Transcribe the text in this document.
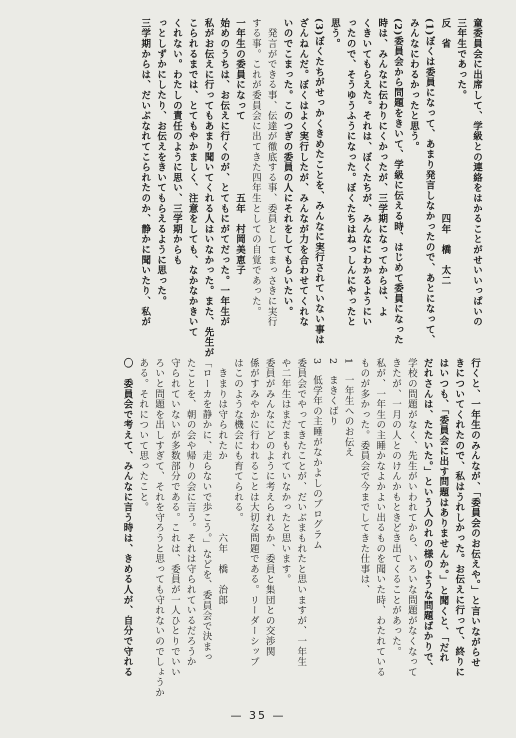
童委員会に出席して、学級との連絡をはかることがせいいっぱいの
三年生であった。
反　省　　　　　　　　　　　　　　　　四年　橋　太二
(1)ぼくは委員になって、あまり発言しなかったので、あとになって、
みんなにわるかったと思う。
(2)委員会から問題をきいて、学級に伝える時、はじめて委員になった
時は、みんなに伝わりにくかったが、三学期になってからは、よ
くきいてもらえた。それは、ぼくたちが、みんなにわかるようにい
ったので、そうゆうふうになった。ぼくたちはねっしんにやったと
思う。
(3)ぼくたちがせっかくきめたことを、みんなに実行されていない事は
ざんねんだ。ぼくはよく実行したが、みんなが力を合わせてくれな
いのでこまった。このつぎの委員の人にそれをしてもらいたい。
　発言ができる事、伝達が徹底する事、委員としてまっさきに実行
する事。これが委員会に出てきた四年生としての自覚であった。
一年生の委員になって　　　　　　　五年　村岡美恵子
始めのうちは、お伝えに行くのが、とてもにがてだった。一年生が
私がお伝えに行ってもあまり聞いてくれる人はいなかった。また、先生が
こられるまでは、とてもやかましく、注意をしても、なかなかきいて
くれない。わたしの責任のように思い、三学期からも
っとしずかにしたり、お伝えをきいてもらえるように思った。
三学期からは、だいぶなれてこられたのか、静かに聞いたり、私が
行くと、一年生のみんなが、「委員会のお伝えや。」と言いながらせ
きについてくれたので、私はうれしかった。お伝えに行って、終りに
はいつも、「委員会に出す問題はありませんか。」と聞くと、「だれ
だれさんは、たたいた。」という人のれの様のような問題ばかりで、
学校の問題がなく、先生がいわれてから、いろいな問題がなくなって
きたが、一月の人とのけんかもときどき出てくることがあった。
私が、一年生の主睡かなよかよい出るものを聞いた時、わたれている
ものが多かった。委員会で今までしてきた仕事は、
1　一年生へのお伝え
2　まきくばり
3　低学年の主睡がなかよしのプログラム
委員会でやってきたことが、だいぶまもれたと思いますが、一年生
や二年生はまだまもれていなかったと思います。
委員がみんなにどのように考えられるか、委員と集団との交渉関
係がすみやかに行われることは大切な問題である。リーダーシップ
はこのような機会にも育てられる。
　きまりは守られたか　　　　　　　六年　橋　治郎
「ローカを静かに、走らないで歩こう。」などを、委員会で決まっ
たことを、朝の会や帰りの会に言う。それは守られているだろうか
守られていないが多数部分である。これは、委員が一人ひとりでいい
ろいと問題を出しすぎて、それを守ろうと思っても守れないのでしょうか
ある。それについて思ったこと。
〇　委員会で考えて、みんなに言う時は、きめる人が、自分で守れる
— 35 —
